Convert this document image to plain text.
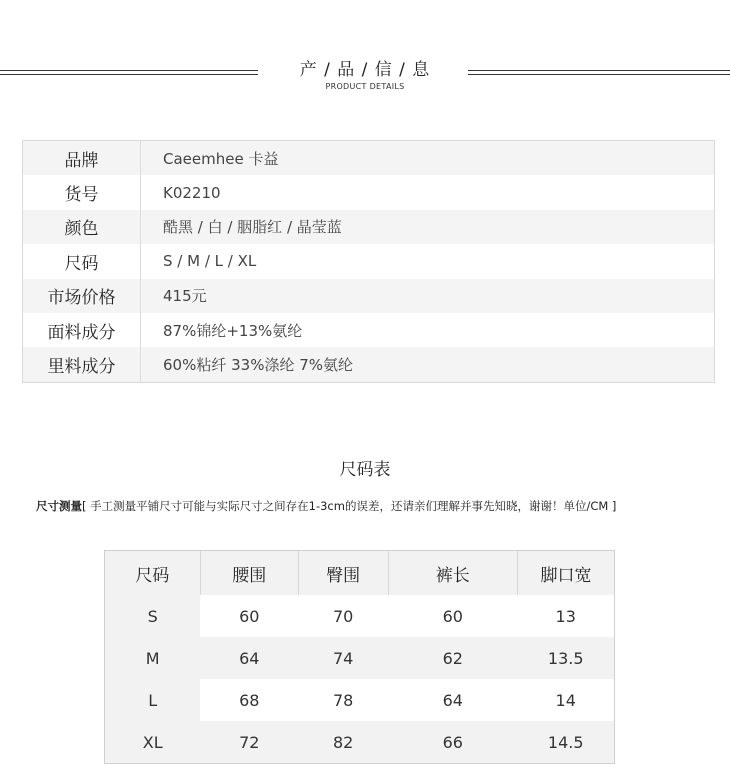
产 / 品 / 信 / 息
PRODUCT DETAILS
品牌	Caeemhee 卡益
货号	K02210
颜色	酷黑 / 白 / 胭脂红 / 晶莹蓝
尺码	S / M / L / XL
市场价格	415元
面料成分	87%锦纶+13%氨纶
里料成分	60%粘纤 33%涤纶 7%氨纶
尺码表
尺寸测量[ 手工测量平铺尺寸可能与实际尺寸之间存在1-3cm的误差，还请亲们理解并事先知晓，谢谢！单位/CM ]
尺码	腰围	臀围	裤长	脚口宽
S	60	70	60	13
M	64	74	62	13.5
L	68	78	64	14
XL	72	82	66	14.5
